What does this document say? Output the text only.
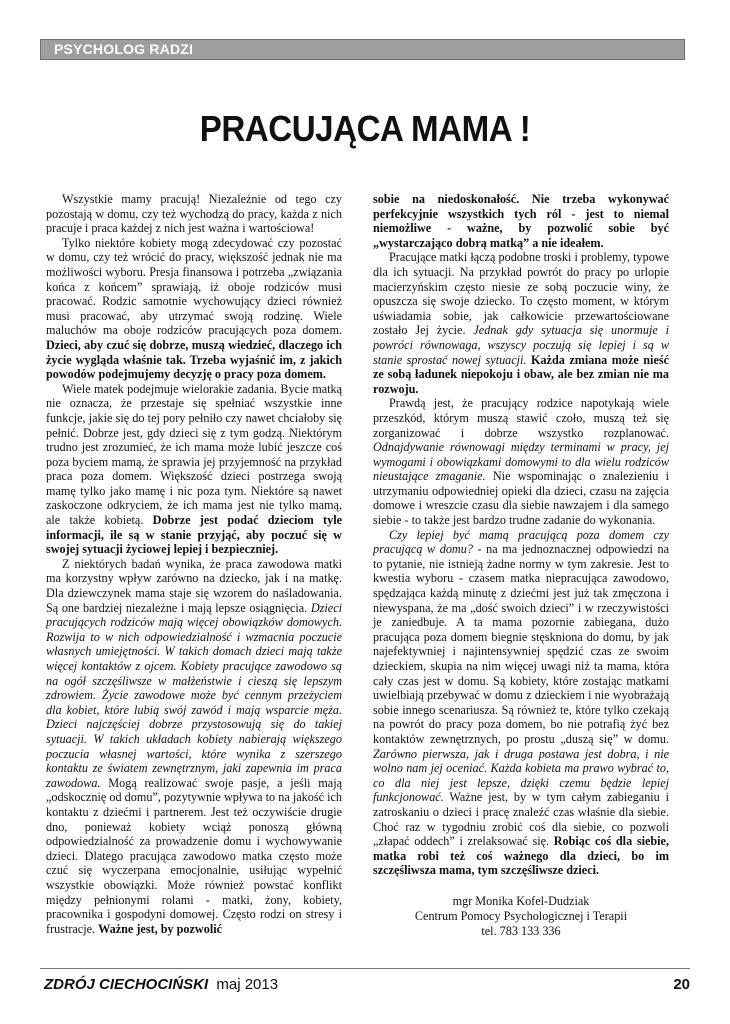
PSYCHOLOG RADZI
PRACUJĄCA MAMA !

Wszystkie mamy pracują! Niezależnie od tego czy pozostają w domu, czy też wychodzą do pracy, każda z nich pracuje i praca każdej z nich jest ważna i wartościowa!

Tylko niektóre kobiety mogą zdecydować czy pozostać w domu, czy też wrócić do pracy, większość jednak nie ma możliwości wyboru. Presja finansowa i potrzeba „związania końca z końcem” sprawiają, iż oboje rodziców musi pracować. Rodzic samotnie wychowujący dzieci również musi pracować, aby utrzymać swoją rodzinę. Wiele maluchów ma oboje rodziców pracujących poza domem. Dzieci, aby czuć się dobrze, muszą wiedzieć, dlaczego ich życie wygląda właśnie tak. Trzeba wyjaśnić im, z jakich powodów podejmujemy decyzję o pracy poza domem.

Wiele matek podejmuje wielorakie zadania. Bycie matką nie oznacza, że przestaje się spełniać wszystkie inne funkcje, jakie się do tej pory pełniło czy nawet chciałoby się pełnić. Dobrze jest, gdy dzieci się z tym godzą. Niektórym trudno jest zrozumieć, że ich mama może lubić jeszcze coś poza byciem mamą, że sprawia jej przyjemność na przykład praca poza domem. Większość dzieci postrzega swoją mamę tylko jako mamę i nic poza tym. Niektóre są nawet zaskoczone odkryciem, że ich mama jest nie tylko mamą, ale także kobietą. Dobrze jest podać dzieciom tyle informacji, ile są w stanie przyjąć, aby poczuć się w swojej sytuacji życiowej lepiej i bezpieczniej.

Z niektórych badań wynika, że praca zawodowa matki ma korzystny wpływ zarówno na dziecko, jak i na matkę. Dla dziewczynek mama staje się wzorem do naśladowania. Są one bardziej niezależne i mają lepsze osiągnięcia. Dzieci pracujących rodziców mają więcej obowiązków domowych. Rozwija to w nich odpowiedzialność i wzmacnia poczucie własnych umiejętności. W takich domach dzieci mają także więcej kontaktów z ojcem. Kobiety pracujące zawodowo są na ogół szczęśliwsze w małżeństwie i cieszą się lepszym zdrowiem. Życie zawodowe może być cennym przeżyciem dla kobiet, które lubią swój zawód i mają wsparcie męża. Dzieci najczęściej dobrze przystosowują się do takiej sytuacji. W takich układach kobiety nabierają większego poczucia własnej wartości, które wynika z szerszego kontaktu ze światem zewnętrznym, jaki zapewnia im praca zawodowa. Mogą realizować swoje pasje, a jeśli mają „odskocznię od domu”, pozytywnie wpływa to na jakość ich kontaktu z dziećmi i partnerem. Jest też oczywiście drugie dno, ponieważ kobiety wciąż ponoszą główną odpowiedzialność za prowadzenie domu i wychowywanie dzieci. Dlatego pracująca zawodowo matka często może czuć się wyczerpana emocjonalnie, usiłując wypełnić wszystkie obowiązki. Może również powstać konflikt między pełnionymi rolami - matki, żony, kobiety, pracownika i gospodyni domowej. Często rodzi on stresy i frustracje. Ważne jest, by pozwolić

sobie na niedoskonałość. Nie trzeba wykonywać perfekcyjnie wszystkich tych ról - jest to niemal niemożliwe - ważne, by pozwolić sobie być „wystarczająco dobrą matką” a nie ideałem.

Pracujące matki łączą podobne troski i problemy, typowe dla ich sytuacji. Na przykład powrót do pracy po urlopie macierzyńskim często niesie ze sobą poczucie winy, że opuszcza się swoje dziecko. To często moment, w którym uświadamia sobie, jak całkowicie przewartościowane zostało Jej życie. Jednak gdy sytuacja się unormuje i powróci równowaga, wszyscy poczują się lepiej i są w stanie sprostać nowej sytuacji. Każda zmiana może nieść ze sobą ładunek niepokoju i obaw, ale bez zmian nie ma rozwoju.

Prawdą jest, że pracujący rodzice napotykają wiele przeszkód, którym muszą stawić czoło, muszą też się zorganizować i dobrze wszystko rozplanować. Odnajdywanie równowagi między terminami w pracy, jej wymogami i obowiązkami domowymi to dla wielu rodziców nieustające zmaganie. Nie wspominając o znalezieniu i utrzymaniu odpowiedniej opieki dla dzieci, czasu na zajęcia domowe i wreszcie czasu dla siebie nawzajem i dla samego siebie - to także jest bardzo trudne zadanie do wykonania.

Czy lepiej być mamą pracującą poza domem czy pracującą w domu? - na ma jednoznacznej odpowiedzi na to pytanie, nie istnieją żadne normy w tym zakresie. Jest to kwestia wyboru - czasem matka niepracująca zawodowo, spędzająca każdą minutę z dziećmi jest już tak zmęczona i niewyspana, że ma „dość swoich dzieci” i w rzeczywistości je zaniedbuje. A ta mama pozornie zabiegana, dużo pracująca poza domem biegnie stęskniona do domu, by jak najefektywniej i najintensywniej spędzić czas ze swoim dzieckiem, skupia na nim więcej uwagi niż ta mama, która cały czas jest w domu. Są kobiety, które zostając matkami uwielbiają przebywać w domu z dzieckiem i nie wyobrażają sobie innego scenariusza. Są również te, które tylko czekają na powrót do pracy poza domem, bo nie potrafią żyć bez kontaktów zewnętrznych, po prostu „duszą się” w domu. Zarówno pierwsza, jak i druga postawa jest dobra, i nie wolno nam jej oceniać. Każda kobieta ma prawo wybrać to, co dla niej jest lepsze, dzięki czemu będzie lepiej funkcjonować. Ważne jest, by w tym całym zabieganiu i zatroskaniu o dzieci i pracę znaleźć czas właśnie dla siebie. Choć raz w tygodniu zrobić coś dla siebie, co pozwoli „złapać oddech” i zrelaksować się. Robiąc coś dla siebie, matka robi też coś ważnego dla dzieci, bo im szczęśliwsza mama, tym szczęśliwsze dzieci.

mgr Monika Kofel-Dudziak
Centrum Pomocy Psychologicznej i Terapii
tel. 783 133 336
ZDRÓJ CIECHOCIŃSKI maj 2013	20
